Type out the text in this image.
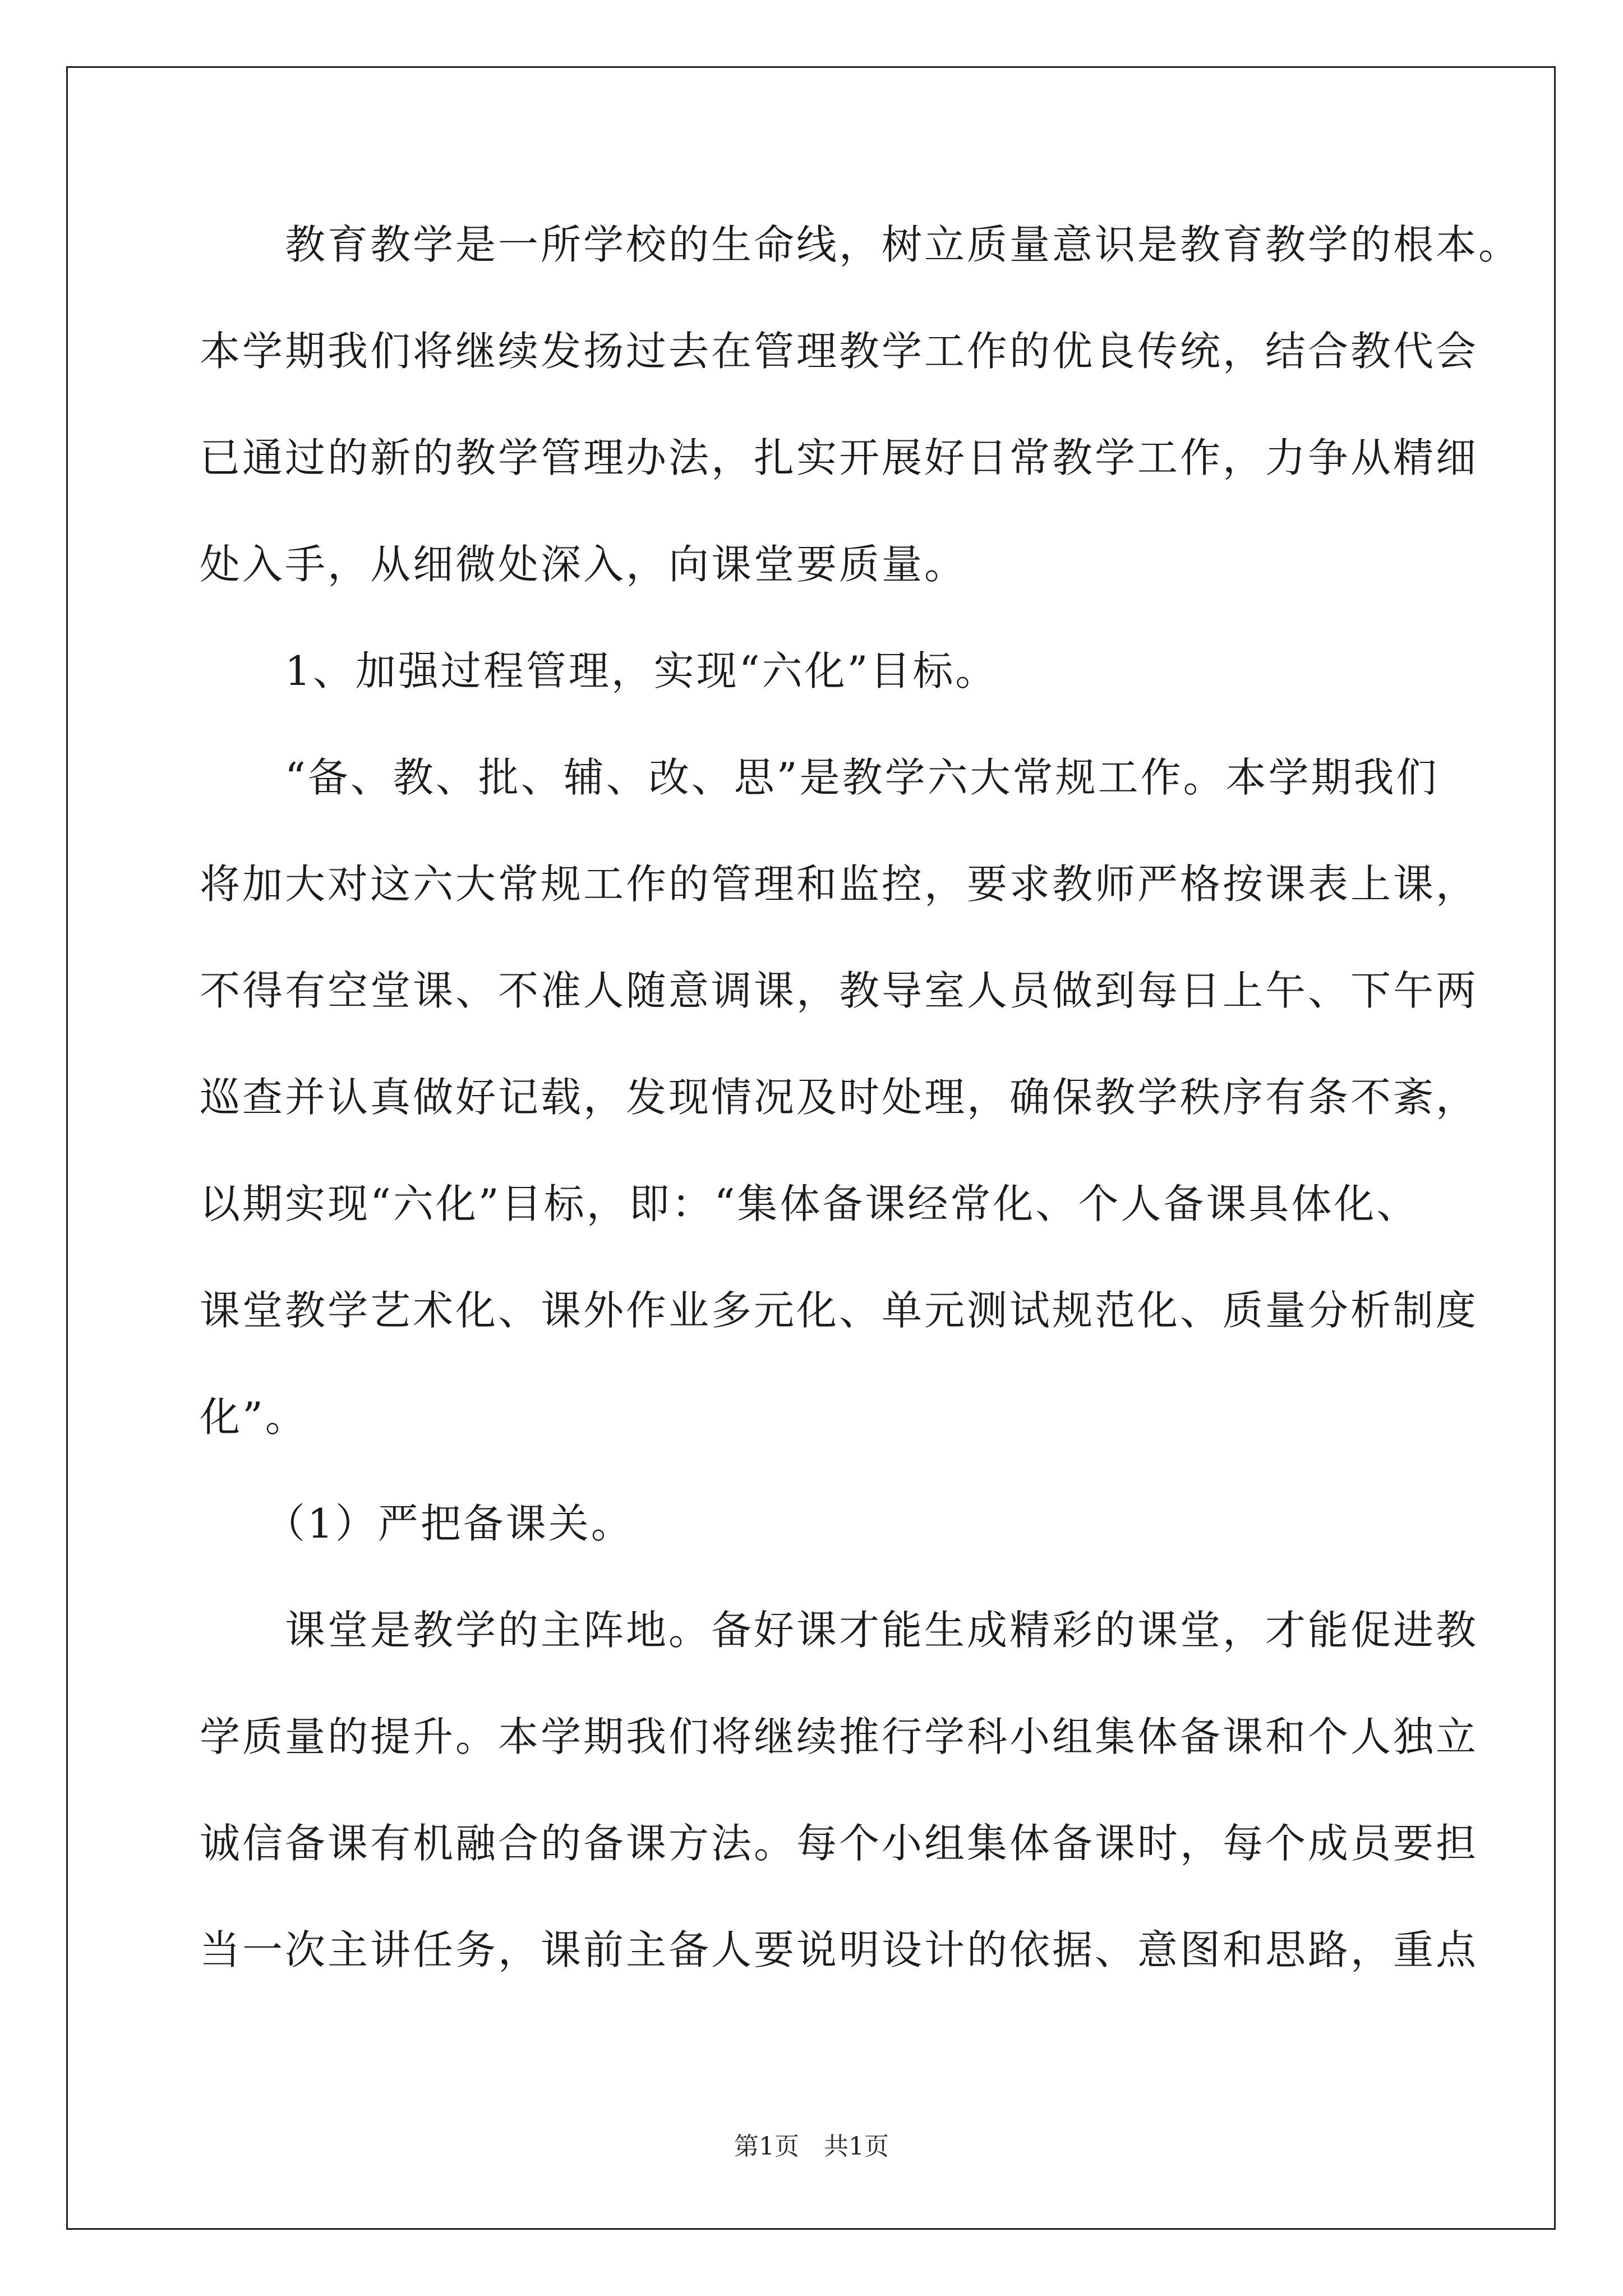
　　教育教学是一所学校的生命线，树立质量意识是教育教学的根本。
本学期我们将继续发扬过去在管理教学工作的优良传统，结合教代会
已通过的新的教学管理办法，扎实开展好日常教学工作，力争从精细
处入手，从细微处深入，向课堂要质量。
　　1、加强过程管理，实现“六化”目标。
　　“备、教、批、辅、改、思”是教学六大常规工作。本学期我们
将加大对这六大常规工作的管理和监控，要求教师严格按课表上课，
不得有空堂课、不准人随意调课，教导室人员做到每日上午、下午两
巡查并认真做好记载，发现情况及时处理，确保教学秩序有条不紊，
以期实现“六化”目标，即：“集体备课经常化、个人备课具体化、
课堂教学艺术化、课外作业多元化、单元测试规范化、质量分析制度
化”。
　　（1）严把备课关。
　　课堂是教学的主阵地。备好课才能生成精彩的课堂，才能促进教
学质量的提升。本学期我们将继续推行学科小组集体备课和个人独立
诚信备课有机融合的备课方法。每个小组集体备课时，每个成员要担
当一次主讲任务，课前主备人要说明设计的依据、意图和思路，重点
第1页　共1页
